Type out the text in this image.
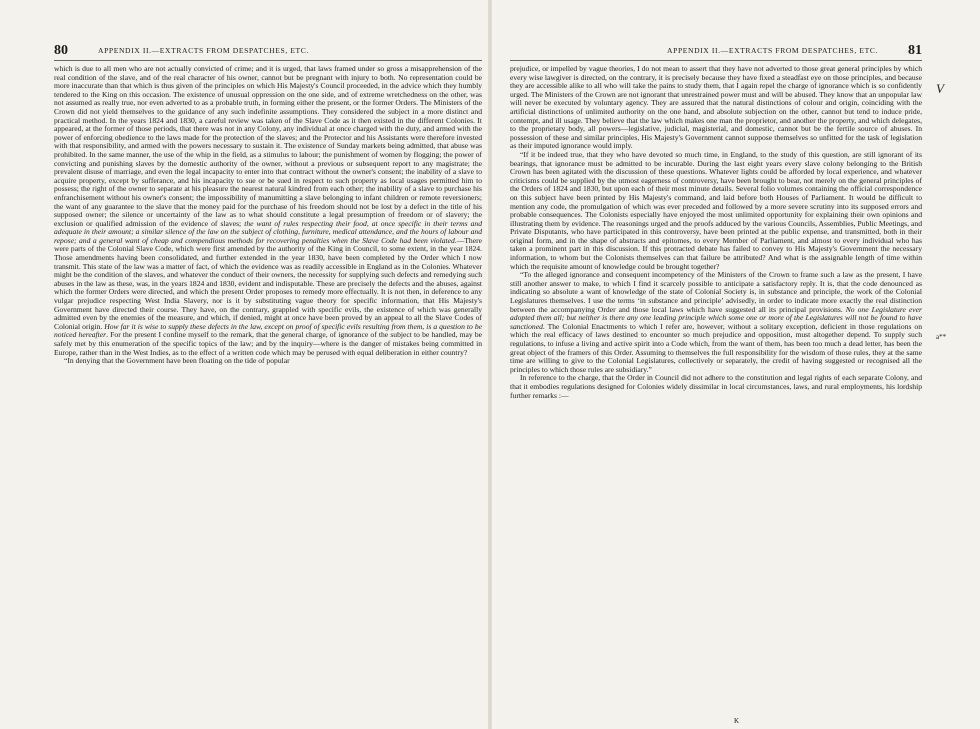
80	APPENDIX II.—EXTRACTS FROM DESPATCHES, ETC.

which is due to all men who are not actually convicted of crime; and it is urged, that laws framed under so gross a misapprehension of the real condition of the slave, and of the real character of his owner, cannot but be pregnant with injury to both. No representation could be more inaccurate than that which is thus given of the principles on which His Majesty's Council proceeded, in the advice which they humbly tendered to the King on this occasion. The existence of unusual oppression on the one side, and of extreme wretchedness on the other, was not assumed as really true, nor even adverted to as a probable truth, in forming either the present, or the former Orders. The Ministers of the Crown did not yield themselves to the guidance of any such indefinite assumptions. They considered the subject in a more distinct and practical method. In the years 1824 and 1830, a careful review was taken of the Slave Code as it then existed in the different Colonies. It appeared, at the former of those periods, that there was not in any Colony, any individual at once charged with the duty, and armed with the power of enforcing obedience to the laws made for the protection of the slaves; and the Protector and his Assistants were therefore invested with that responsibility, and armed with the powers necessary to sustain it. The existence of Sunday markets being admitted, that abuse was prohibited. In the same manner, the use of the whip in the field, as a stimulus to labour; the punishment of women by flogging; the power of convicting and punishing slaves by the domestic authority of the owner, without a previous or subsequent report to any magistrate; the prevalent disuse of marriage, and even the legal incapacity to enter into that contract without the owner's consent; the inability of a slave to acquire property, except by sufferance, and his incapacity to sue or be sued in respect to such property as local usages permitted him to possess; the right of the owner to separate at his pleasure the nearest natural kindred from each other; the inability of a slave to purchase his enfranchisement without his owner's consent; the impossibility of manumitting a slave belonging to infant children or remote reversioners; the want of any guarantee to the slave that the money paid for the purchase of his freedom should not be lost by a defect in the title of his supposed owner; the silence or uncertainty of the law as to what should constitute a legal presumption of freedom or of slavery; the exclusion or qualified admission of the evidence of slaves; the want of rules respecting their food, at once specific in their terms and adequate in their amount; a similar silence of the law on the subject of clothing, furniture, medical attendance, and the hours of labour and repose; and a general want of cheap and compendious methods for recovering penalties when the Slave Code had been violated.—There were parts of the Colonial Slave Code, which were first amended by the authority of the King in Council, to some extent, in the year 1824. Those amendments having been consolidated, and further extended in the year 1830, have been completed by the Order which I now transmit. This state of the law was a matter of fact, of which the evidence was as readily accessible in England as in the Colonies. Whatever might be the condition of the slaves, and whatever the conduct of their owners, the necessity for supplying such defects and remedying such abuses in the law as these, was, in the years 1824 and 1830, evident and indisputable. These are precisely the defects and the abuses, against which the former Orders were directed, and which the present Order proposes to remedy more effectually. It is not then, in deference to any vulgar prejudice respecting West India Slavery, nor is it by substituting vague theory for specific information, that His Majesty's Government have directed their course. They have, on the contrary, grappled with specific evils, the existence of which was generally admitted even by the enemies of the measure, and which, if denied, might at once have been proved by an appeal to all the Slave Codes of Colonial origin. How far it is wise to supply these defects in the law, except on proof of specific evils resulting from them, is a question to be noticed hereafter. For the present I confine myself to the remark, that the general charge, of ignorance of the subject to be handled, may be safely met by this enumeration of the specific topics of the law; and by the inquiry—where is the danger of mistakes being committed in Europe, rather than in the West Indies, as to the effect of a written code which may be perused with equal deliberation in either country?

“In denying that the Government have been floating on the tide of popular

APPENDIX II.—EXTRACTS FROM DESPATCHES, ETC. 81

prejudice, or impelled by vague theories, I do not mean to assert that they have not adverted to those great general principles by which every wise lawgiver is directed, on the contrary, it is precisely because they have fixed a steadfast eye on those principles, and because they are accessible alike to all who will take the pains to study them, that I again repel the charge of ignorance which is so confidently urged. The Ministers of the Crown are not ignorant that unrestrained power must and will be abused. They know that an unpopular law will never be executed by voluntary agency. They are assured that the natural distinctions of colour and origin, coinciding with the artificial distinctions of unlimited authority on the one hand, and absolute subjection on the other, cannot but tend to induce pride, contempt, and ill usage. They believe that the law which makes one man the proprietor, and another the property, and which delegates, to the proprietary body, all powers—legislative, judicial, magisterial, and domestic, cannot but be the fertile source of abuses. In possession of these and similar principles, His Majesty's Government cannot suppose themselves so unfitted for the task of legislation as their imputed ignorance would imply.

“If it be indeed true, that they who have devoted so much time, in England, to the study of this question, are still ignorant of its bearings, that ignorance must be admitted to be incurable. During the last eight years every slave colony belonging to the British Crown has been agitated with the discussion of these questions. Whatever lights could be afforded by local experience, and whatever criticisms could be supplied by the utmost eagerness of controversy, have been brought to bear, not merely on the general principles of the Orders of 1824 and 1830, but upon each of their most minute details. Several folio volumes containing the official correspondence on this subject have been printed by His Majesty's command, and laid before both Houses of Parliament. It would be difficult to mention any code, the promulgation of which was ever preceded and followed by a more severe scrutiny into its supposed errors and probable consequences. The Colonists especially have enjoyed the most unlimited opportunity for explaining their own opinions and illustrating them by evidence. The reasonings urged and the proofs adduced by the various Councils, Assemblies, Public Meetings, and Private Disputants, who have participated in this controversy, have been printed at the public expense, and transmitted, both in their original form, and in the shape of abstracts and epitomes, to every Member of Parliament, and almost to every individual who has taken a prominent part in this discussion. If this protracted debate has failed to convey to His Majesty's Government the necessary information, to whom but the Colonists themselves can that failure be attributed? And what is the assignable length of time within which the requisite amount of knowledge could be brought together?

“To the alleged ignorance and consequent incompetency of the Ministers of the Crown to frame such a law as the present, I have still another answer to make, to which I find it scarcely possible to anticipate a satisfactory reply. It is, that the code denounced as indicating so absolute a want of knowledge of the state of Colonial Society is, in substance and principle, the work of the Colonial Legislatures themselves. I use the terms ‘in substance and principle’ advisedly, in order to indicate more exactly the real distinction between the accompanying Order and those local laws which have suggested all its principal provisions. No one Legislature ever adopted them all; but neither is there any one leading principle which some one or more of the Legislatures will not be found to have sanctioned. The Colonial Enactments to which I refer are, however, without a solitary exception, deficient in those regulations on which the real efficacy of laws destined to encounter so much prejudice and opposition, must altogether depend. To supply such regulations, to infuse a living and active spirit into a Code which, from the want of them, has been too much a dead letter, has been the great object of the framers of this Order. Assuming to themselves the full responsibility for the wisdom of those rules, they at the same time are willing to give to the Colonial Legislatures, collectively or separately, the credit of having suggested or recognised all the principles to which those rules are subsidiary.”

In reference to the charge, that the Order in Council did not adhere to the constitution and legal rights of each separate Colony, and that it embodies regulations designed for Colonies widely dissimilar in local circumstances, laws, and rural employments, his lordship further remarks :—

V
a**
K
